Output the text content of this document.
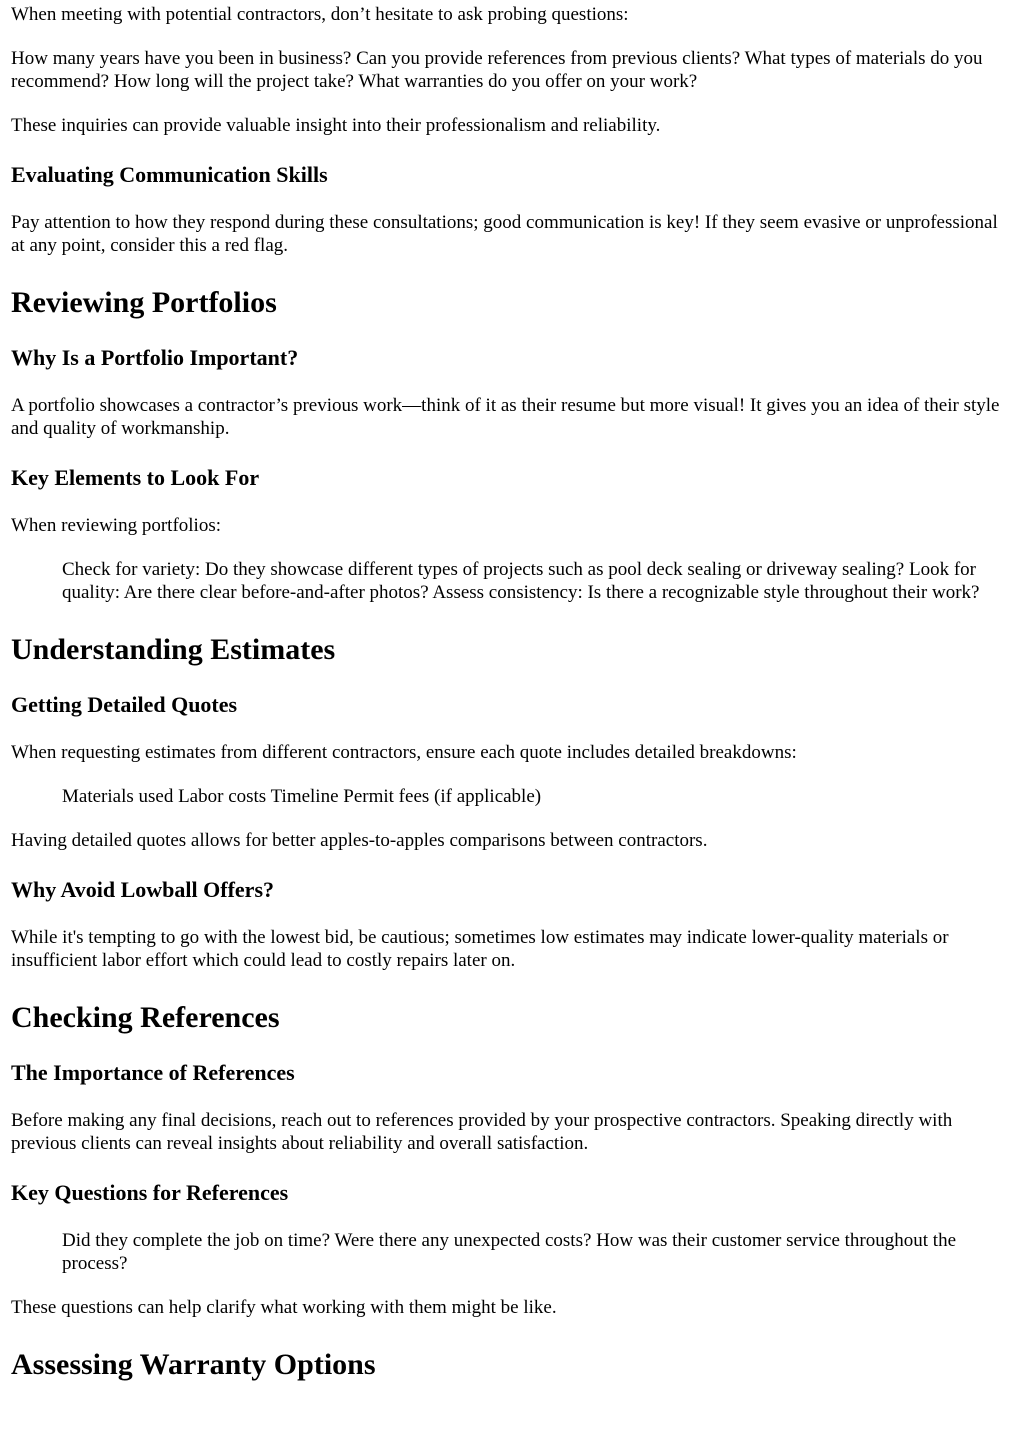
When meeting with potential contractors, don’t hesitate to ask probing questions:

How many years have you been in business? Can you provide references from previous clients? What types of materials do you recommend? How long will the project take? What warranties do you offer on your work?

These inquiries can provide valuable insight into their professionalism and reliability.

Evaluating Communication Skills

Pay attention to how they respond during these consultations; good communication is key! If they seem evasive or unprofessional at any point, consider this a red flag.

Reviewing Portfolios
Why Is a Portfolio Important?

A portfolio showcases a contractor’s previous work—think of it as their resume but more visual! It gives you an idea of their style and quality of workmanship.

Key Elements to Look For

When reviewing portfolios:

Check for variety: Do they showcase different types of projects such as pool deck sealing or driveway sealing? Look for quality: Are there clear before-and-after photos? Assess consistency: Is there a recognizable style throughout their work?
Understanding Estimates
Getting Detailed Quotes

When requesting estimates from different contractors, ensure each quote includes detailed breakdowns:

Materials used Labor costs Timeline Permit fees (if applicable)

Having detailed quotes allows for better apples-to-apples comparisons between contractors.

Why Avoid Lowball Offers?

While it's tempting to go with the lowest bid, be cautious; sometimes low estimates may indicate lower-quality materials or insufficient labor effort which could lead to costly repairs later on.

Checking References
The Importance of References

Before making any final decisions, reach out to references provided by your prospective contractors. Speaking directly with previous clients can reveal insights about reliability and overall satisfaction.

Key Questions for References
Did they complete the job on time? Were there any unexpected costs? How was their customer service throughout the process?

These questions can help clarify what working with them might be like.

Assessing Warranty Options
